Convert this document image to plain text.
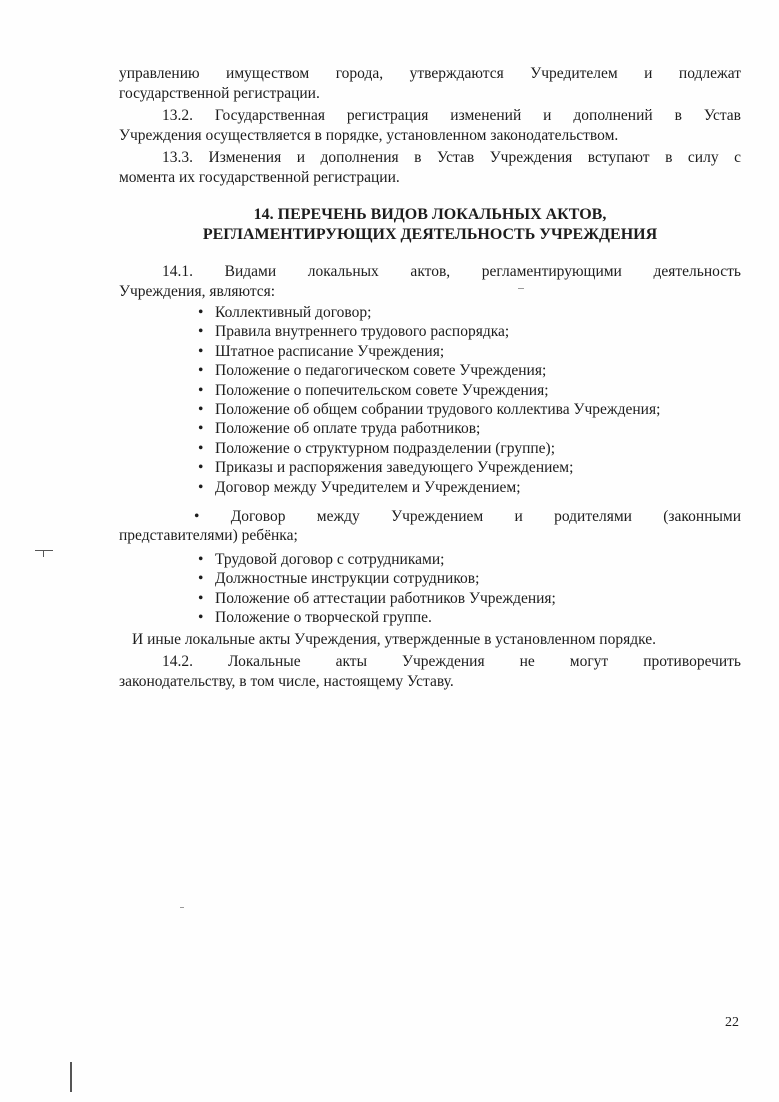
управлению имуществом города, утверждаются Учредителем и подлежат
государственной регистрации.
13.2. Государственная регистрация изменений и дополнений в Устав
Учреждения осуществляется в порядке, установленном законодательством.
13.3. Изменения и дополнения в Устав Учреждения вступают в силу с
момента их государственной регистрации.
14. ПЕРЕЧЕНЬ ВИДОВ ЛОКАЛЬНЫХ АКТОВ,
РЕГЛАМЕНТИРУЮЩИХ ДЕЯТЕЛЬНОСТЬ УЧРЕЖДЕНИЯ
14.1. Видами локальных актов, регламентирующими деятельность
Учреждения, являются:
• Коллективный договор;
• Правила внутреннего трудового распорядка;
• Штатное расписание Учреждения;
• Положение о педагогическом совете Учреждения;
• Положение о попечительском совете Учреждения;
• Положение об общем собрании трудового коллектива Учреждения;
• Положение об оплате труда работников;
• Положение о структурном подразделении (группе);
• Приказы и распоряжения заведующего Учреждением;
• Договор между Учредителем и Учреждением;
• Договор между Учреждением и родителями (законными
представителями) ребёнка;
• Трудовой договор с сотрудниками;
• Должностные инструкции сотрудников;
• Положение об аттестации работников Учреждения;
• Положение о творческой группе.
И иные локальные акты Учреждения, утвержденные в установленном порядке.
14.2. Локальные акты Учреждения не могут противоречить
законодательству, в том числе, настоящему Уставу.
22
